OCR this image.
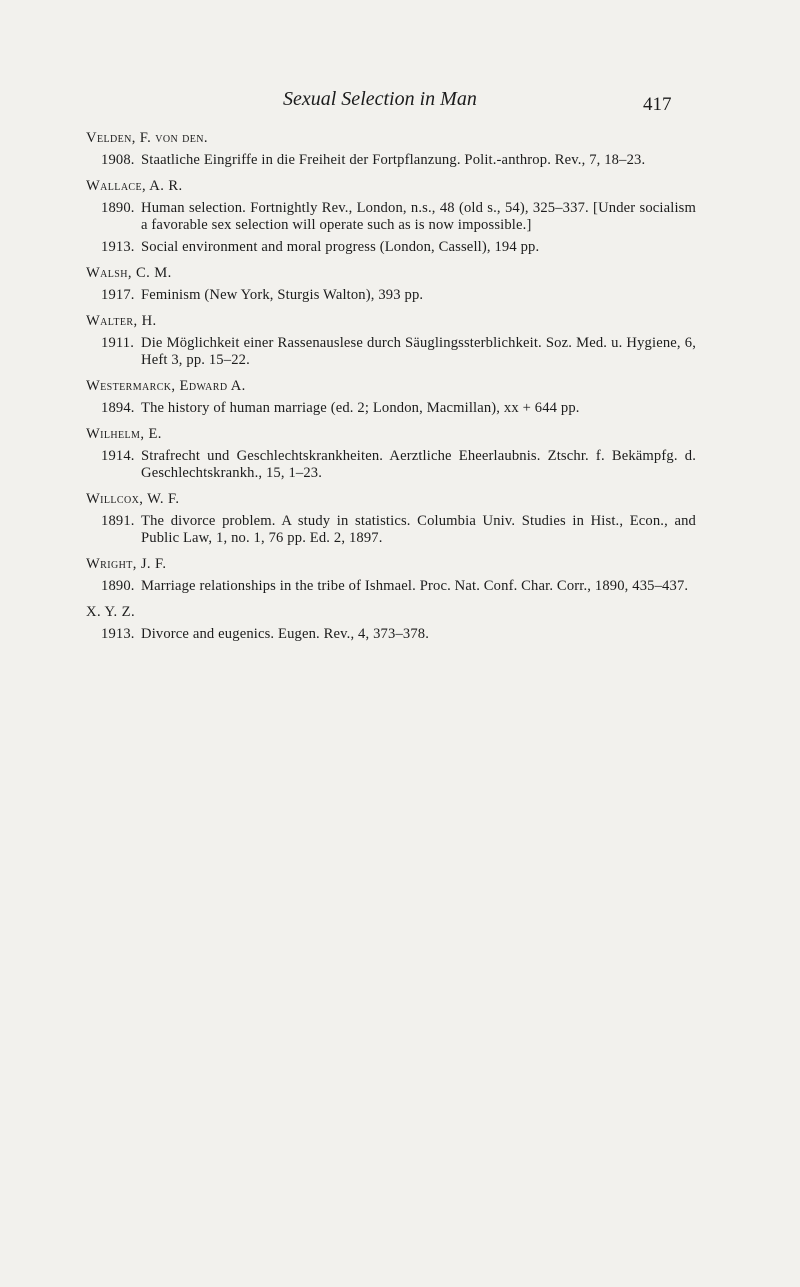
Sexual Selection in Man	417
Velden, F. von den.
1908. Staatliche Eingriffe in die Freiheit der Fortpflanzung. Polit.-anthrop. Rev., 7, 18–23.
Wallace, A. R.
1890. Human selection. Fortnightly Rev., London, n.s., 48 (old s., 54), 325–337. [Under socialism a favorable sex selection will operate such as is now impossible.]
1913. Social environment and moral progress (London, Cassell), 194 pp.
Walsh, C. M.
1917. Feminism (New York, Sturgis Walton), 393 pp.
Walter, H.
1911. Die Möglichkeit einer Rassenauslese durch Säuglingssterblichkeit. Soz. Med. u. Hygiene, 6, Heft 3, pp. 15–22.
Westermarck, Edward A.
1894. The history of human marriage (ed. 2; London, Macmillan), xx + 644 pp.
Wilhelm, E.
1914. Strafrecht und Geschlechtskrankheiten. Aerztliche Eheerlaubnis. Ztschr. f. Bekämpfg. d. Geschlechtskrankh., 15, 1–23.
Willcox, W. F.
1891. The divorce problem. A study in statistics. Columbia Univ. Studies in Hist., Econ., and Public Law, 1, no. 1, 76 pp. Ed. 2, 1897.
Wright, J. F.
1890. Marriage relationships in the tribe of Ishmael. Proc. Nat. Conf. Char. Corr., 1890, 435–437.
X. Y. Z.
1913. Divorce and eugenics. Eugen. Rev., 4, 373–378.
